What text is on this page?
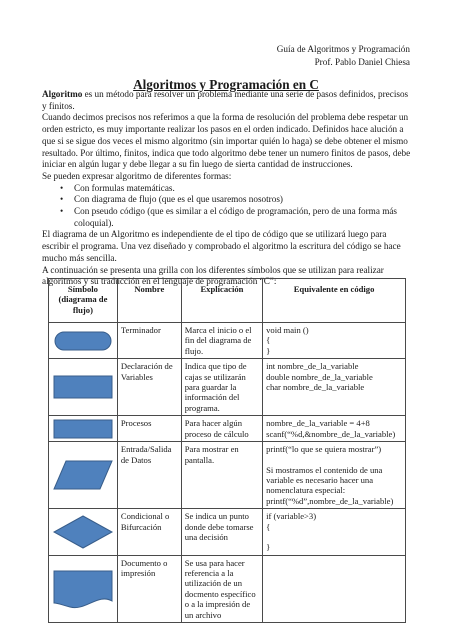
Guía de Algoritmos y Programación
Prof. Pablo Daniel Chiesa
Algoritmos y Programación en C

Algoritmo es un método para resolver un problema mediante una serie de pasos definidos, precisos y finitos.

Cuando decimos precisos nos referimos a que la forma de resolución del problema debe respetar un orden estricto, es muy importante realizar los pasos en el orden indicado. Definidos hace alución a que si se sigue dos veces el mismo algoritmo (sin importar quién lo haga) se debe obtener el mismo resultado. Por último, finitos, indica que todo algoritmo debe tener un numero finitos de pasos, debe iniciar en algún lugar y debe llegar a su fin luego de sierta cantidad de instrucciones.

Se pueden expresar algoritmo de diferentes formas:

• Con formulas matemáticas.
• Con diagrama de flujo (que es el que usaremos nosotros)
• Con pseudo código (que es similar a el código de programación, pero de una forma más coloquial).

El diagrama de un Algoritmo es independiente de el tipo de código que se utilizará luego para escribir el programa. Una vez diseñado y comprobado el algoritmo la escritura del código se hace mucho más sencilla.

A continuación se presenta una grilla con los diferentes símbolos que se utilizan para realizar algoritmos y su traducción en el lenguaje de programación “C”:

Símbolo (diagrama de flujo)	Nombre	Explicación	Equivalente en código

	Terminador	Marca el inicio o el fin del diagrama de flujo.	void main ()
{
}

	Declaración de Variables	Indica que tipo de cajas se utilizarán para guardar la información del programa.	int nombre_de_la_variable
double nombre_de_la_variable
char nombre_de_la_variable

	Procesos	Para hacer algún proceso de cálculo	nombre_de_la_variable = 4+8
scanf(“%d,&nombre_de_la_variable)

	Entrada/Salida de Datos	Para mostrar en pantalla.	printf(“lo que se quiera mostrar”)
Si mostramos el contenido de una variable es necesario hacer una nomenclatura especial:
printf(“%d”,nombre_de_la_variable)

	Condicional o Bifurcación	Se indica un punto donde debe tomarse una decisión	if (variable>3)
{
}

	Documento o impresión	Se usa para hacer referencia a la utilización de un docmento específico o a la impresión de un archivo	
